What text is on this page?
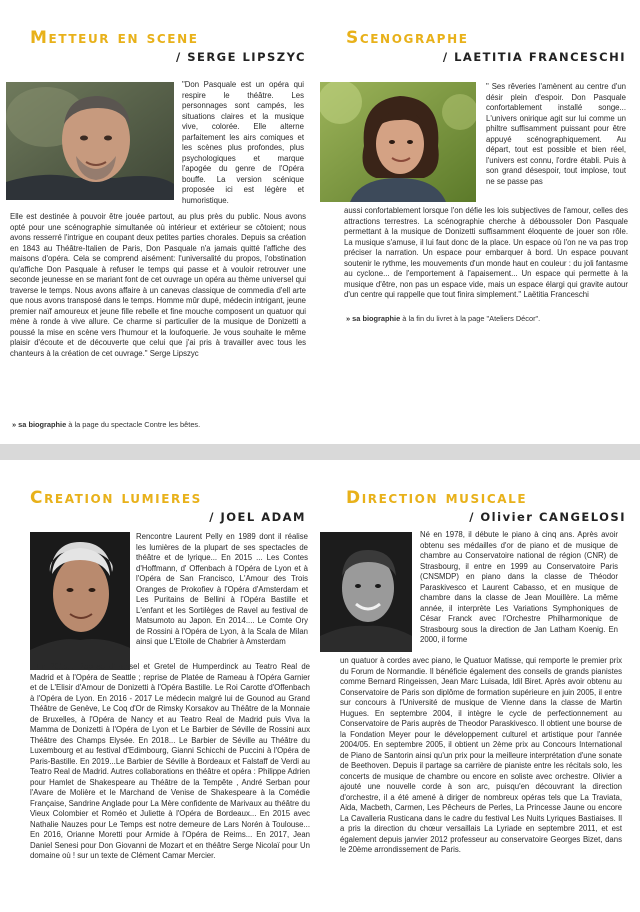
Metteur en scene
/ SERGE LIPSZYC

"Don Pasquale est un opéra qui respire le théâtre. Les personnages sont campés, les situations claires et la musique vive, colorée. Elle alterne parfaitement les airs comiques et les scènes plus profondes, plus psychologiques et marque l'apogée du genre de l'Opéra bouffe. La version scénique proposée ici est légère et humoristique.

Elle est destinée à pouvoir être jouée partout, au plus près du public. Nous avons opté pour une scénographie simultanée où intérieur et extérieur se côtoient; nous avons resserré l'intrigue en coupant deux petites parties chorales. Depuis sa création en 1843 au Théâtre-Italien de Paris, Don Pasquale n'a jamais quitté l'affiche des maisons d'opéra. Cela se comprend aisément: l'universalité du propos, l'obstination qu'affiche Don Pasquale à refuser le temps qui passe et à vouloir retrouver une seconde jeunesse en se mariant font de cet ouvrage un opéra au thème universel qui traverse le temps. Nous avons affaire à un canevas classique de commedia d'ell arte que nous avons transposé dans le temps. Homme mûr dupé, médecin intrigant, jeune premier naïf amoureux et jeune fille rebelle et fine mouche composent un quatuor qui mène à ronde à vive allure. Ce charme si particulier de la musique de Donizetti a poussé la mise en scène vers l'humour et la loufoquerie. Je vous souhaite le même plaisir d'écoute et de découverte que celui que j'ai pris à travailler avec tous les chanteurs à la création de cet ouvrage." Serge Lipszyc

» sa biographie à la page du spectacle Contre les bêtes.

Scenographe
/ LAETITIA FRANCESCHI

" Ses rêveries l'amènent au centre d'un désir plein d'espoir. Don Pasquale confortablement installé songe... L'univers onirique agit sur lui comme un philtre suffisamment puissant pour être appuyé scénographiquement. Au départ, tout est possible et bien réel, l'univers est connu, l'ordre établi. Puis à son grand désespoir, tout implose, tout ne se passe pas

aussi confortablement lorsque l'on défie les lois subjectives de l'amour, celles des attractions terrestres. La scénographie cherche à déboussoler Don Pasquale permettant à la musique de Donizetti suffisamment éloquente de jouer son rôle. La musique s'amuse, il lui faut donc de la place. Un espace où l'on ne va pas trop préciser la narration. Un espace pour embarquer à bord. Un espace pouvant soutenir le rythme, les mouvements d'un monde haut en couleur : du joli fantasme au cyclone... de l'emportement à l'apaisement... Un espace qui permette à la musique d'être, non pas un espace vide, mais un espace élargi qui gravite autour d'un centre qui rappelle que tout finira simplement." Laëtitia Franceschi

» sa biographie à la fin du livret à la page "Ateliers Décor".

Creation lumieres
/ JOEL ADAM

Rencontre Laurent Pelly en 1989 dont il réalise les lumières de la plupart de ses spectacles de théâtre et de lyrique... En 2015 ... Les Contes d'Hoffmann, d' Offenbach à l'Opéra de Lyon et à l'Opéra de San Francisco, L'Amour des Trois Oranges de Prokofiev à l'Opéra d'Amsterdam et Les Puritains de Bellini à l'Opéra Bastille et L'enfant et les Sortilèges de Ravel au festival de Matsumoto au Japon. En 2014.... Le Comte Ory de Rossini à l'Opéra de Lyon, à la Scala de Milan ainsi que L'Etoile de Chabrier à Amsterdam

. En 2015... Reprise d'Hansel et Gretel de Humperdinck au Teatro Real de Madrid et à l'Opéra de Seattle ; reprise de Platée de Rameau à l'Opéra Garnier et de L'Elisir d'Amour de Donizetti à l'Opéra Bastille. Le Roi Carotte d'Offenbach à l'Opéra de Lyon. En 2016 - 2017 Le médecin malgré lui de Gounod au Grand Théâtre de Genève, Le Coq d'Or de Rimsky Korsakov au Théâtre de la Monnaie de Bruxelles, à l'Opéra de Nancy et au Teatro Real de Madrid puis Viva la Mamma de Donizetti à l'Opéra de Lyon et Le Barbier de Séville de Rossini aux Théâtre des Champs Elysée. En 2018... Le Barbier de Séville au Théâtre du Luxembourg et au festival d'Edimbourg, Gianni Schicchi de Puccini à l'Opéra de Paris-Bastille. En 2019...Le Barbier de Séville à Bordeaux et Falstaff de Verdi au Teatro Real de Madrid. Autres collaborations en théâtre et opéra : Philippe Adrien pour Hamlet de Shakespeare au Théâtre de la Tempête , André Serban pour l'Avare de Molière et le Marchand de Venise de Shakespeare à la Comédie Française, Sandrine Anglade pour La Mère confidente de Marivaux au théâtre du Vieux Colombier et Roméo et Juliette à l'Opéra de Bordeaux... En 2015 avec Nathalie Nauzes pour Le Temps est notre demeure de Lars Norén à Toulouse... En 2016, Orianne Moretti pour Armide à l'Opéra de Reims... En 2017, Jean Daniel Senesi pour Don Giovanni de Mozart et en théâtre Serge Nicolaï pour Un domaine où ! sur un texte de Clément Camar Mercier.

Direction musicale
/ Olivier CANGELOSI

Né en 1978, il débute le piano à cinq ans. Après avoir obtenu ses médailles d'or de piano et de musique de chambre au Conservatoire national de région (CNR) de Strasbourg, il entre en 1999 au Conservatoire Paris (CNSMDP) en piano dans la classe de Théodor Paraskivesco et Laurent Cabasso, et en musique de chambre dans la classe de Jean Mouillère. La même année, il interprète Les Variations Symphoniques de César Franck avec l'Orchestre Philharmonique de Strasbourg sous la direction de Jan Latham Koenig. En 2000, il forme

un quatuor à cordes avec piano, le Quatuor Matisse, qui remporte le premier prix du Forum de Normandie. Il bénéficie également des conseils de grands pianistes comme Bernard Ringeissen, Jean Marc Luisada, Idil Biret. Après avoir obtenu au Conservatoire de Paris son diplôme de formation supérieure en juin 2005, il entre sur concours à l'Université de musique de Vienne dans la classe de Martin Hugues. En septembre 2004, il intègre le cycle de perfectionnement au Conservatoire de Paris auprès de Theodor Paraskivesco. Il obtient une bourse de la Fondation Meyer pour le développement culturel et artistique pour l'année 2004/05. En septembre 2005, il obtient un 2ème prix au Concours International de Piano de Santorin ainsi qu'un prix pour la meilleure interprétation d'une sonate de Beethoven. Depuis il partage sa carrière de pianiste entre les récitals solo, les concerts de musique de chambre ou encore en soliste avec orchestre. Olivier a ajouté une nouvelle corde à son arc, puisqu'en découvrant la direction d'orchestre, il a été amené à diriger de nombreux opéras tels que La Traviata, Aida, Macbeth, Carmen, Les Pêcheurs de Perles, La Princesse Jaune ou encore La Cavalleria Rusticana dans le cadre du festival Les Nuits Lyriques Bastiaises. Il a pris la direction du chœur versaillais La Lyriade en septembre 2011, et est également depuis janvier 2012 professeur au conservatoire Georges Bizet, dans le 20ème arrondissement de Paris.
